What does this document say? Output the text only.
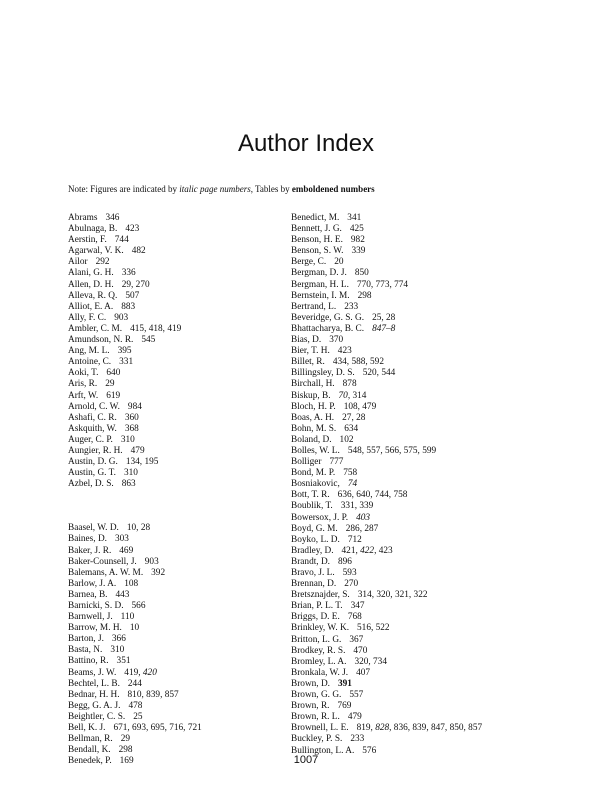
Author Index
Note: Figures are indicated by italic page numbers, Tables by emboldened numbers
Abrams 346
Abulnaga, B. 423
Aerstin, F. 744
Agarwal, V. K. 482
Ailor 292
Alani, G. H. 336
Allen, D. H. 29, 270
Alleva, R. Q. 507
Alliot, E. A. 883
Ally, F. C. 903
Ambler, C. M. 415, 418, 419
Amundson, N. R. 545
Ang, M. L. 395
Antoine, C. 331
Aoki, T. 640
Aris, R. 29
Arft, W. 619
Arnold, C. W. 984
Ashafi, C. R. 360
Askquith, W. 368
Auger, C. P. 310
Aungier, R. H. 479
Austin, D. G. 134, 195
Austin, G. T. 310
Azbel, D. S. 863
Baasel, W. D. 10, 28
Baines, D. 303
Baker, J. R. 469
Baker-Counsell, J. 903
Balemans, A. W. M. 392
Barlow, J. A. 108
Barnea, B. 443
Barnicki, S. D. 566
Barnwell, J. 110
Barrow, M. H. 10
Barton, J. 366
Basta, N. 310
Battino, R. 351
Beams, J. W. 419, 420
Bechtel, L. B. 244
Bednar, H. H. 810, 839, 857
Begg, G. A. J. 478
Beightler, C. S. 25
Bell, K. J. 671, 693, 695, 716, 721
Bellman, R. 29
Bendall, K. 298
Benedek, P. 169
Benedict, M. 341
Bennett, J. G. 425
Benson, H. E. 982
Benson, S. W. 339
Berge, C. 20
Bergman, D. J. 850
Bergman, H. L. 770, 773, 774
Bernstein, I. M. 298
Bertrand, L. 233
Beveridge, G. S. G. 25, 28
Bhattacharya, B. C. 847–8
Bias, D. 370
Bier, T. H. 423
Billet, R. 434, 588, 592
Billingsley, D. S. 520, 544
Birchall, H. 878
Biskup, B. 70, 314
Bloch, H. P. 108, 479
Boas, A. H. 27, 28
Bohn, M. S. 634
Boland, D. 102
Bolles, W. L. 548, 557, 566, 575, 599
Bolliger 777
Bond, M. P. 758
Bosniakovic, 74
Bott, T. R. 636, 640, 744, 758
Boublik, T. 331, 339
Bowersox, J. P. 403
Boyd, G. M. 286, 287
Boyko, L. D. 712
Bradley, D. 421, 422, 423
Brandt, D. 896
Bravo, J. L. 593
Brennan, D. 270
Bretsznajder, S. 314, 320, 321, 322
Brian, P. L. T. 347
Briggs, D. E. 768
Brinkley, W. K. 516, 522
Britton, L. G. 367
Brodkey, R. S. 470
Bromley, L. A. 320, 734
Bronkala, W. J. 407
Brown, D. 391
Brown, G. G. 557
Brown, R. 769
Brown, R. L. 479
Brownell, L. E. 819, 828, 836, 839, 847, 850, 857
Buckley, P. S. 233
Bullington, L. A. 576
1007
